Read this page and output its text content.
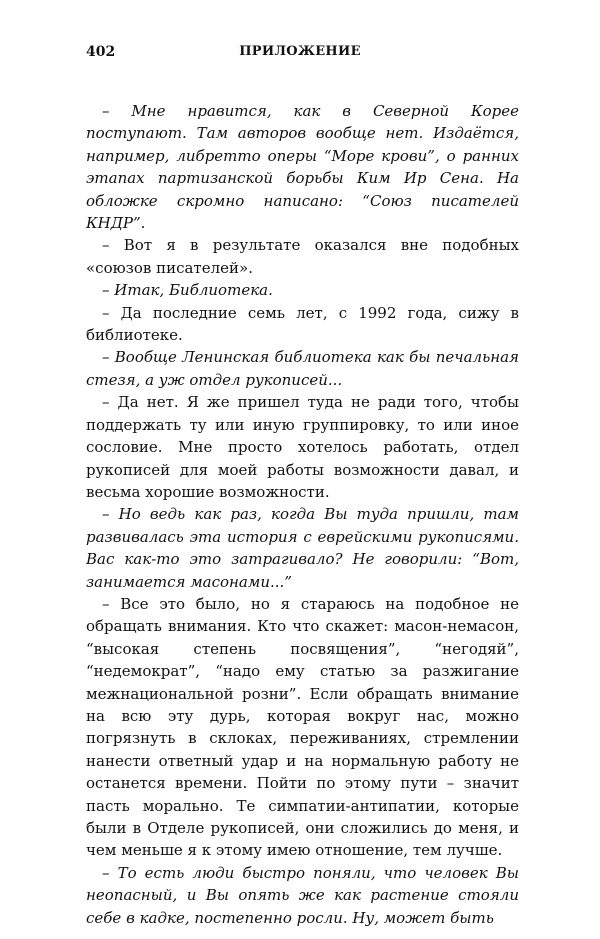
402	ПРИЛОЖЕНИЕ

– Мне нравится, как в Северной Корее поступают. Там авторов вообще нет. Издаётся, например, либретто оперы “Море крови”, о ранних этапах партизанской борьбы Ким Ир Сена. На обложке скромно написано: “Союз писателей КНДР”.

– Вот я в результате оказался вне подобных «союзов писателей».

– Итак, Библиотека.

– Да последние семь лет, с 1992 года, сижу в библиотеке.

– Вообще Ленинская библиотека как бы печальная стезя, а уж отдел рукописей...

– Да нет. Я же пришел туда не ради того, чтобы поддержать ту или иную группировку, то или иное сословие. Мне просто хотелось работать, отдел рукописей для моей работы возможности давал, и весьма хорошие возможности.

– Но ведь как раз, когда Вы туда пришли, там развивалась эта история с еврейскими рукописями. Вас как-то это затрагивало? Не говорили: “Вот, занимается масонами...”

– Все это было, но я стараюсь на подобное не обращать внимания. Кто что скажет: масон-немасон, “высокая степень посвящения”, “негодяй”, “недемократ”, “надо ему статью за разжигание межнациональной розни”. Если обращать внимание на всю эту дурь, которая вокруг нас, можно погрязнуть в склоках, переживаниях, стремлении нанести ответный удар и на нормальную работу не останется времени. Пойти по этому пути – значит пасть морально. Те симпатии-антипатии, которые были в Отделе рукописей, они сложились до меня, и чем меньше я к этому имею отношение, тем лучше.

– То есть люди быстро поняли, что человек Вы неопасный, и Вы опять же как растение стояли себе в кадке, постепенно росли. Ну, может быть
